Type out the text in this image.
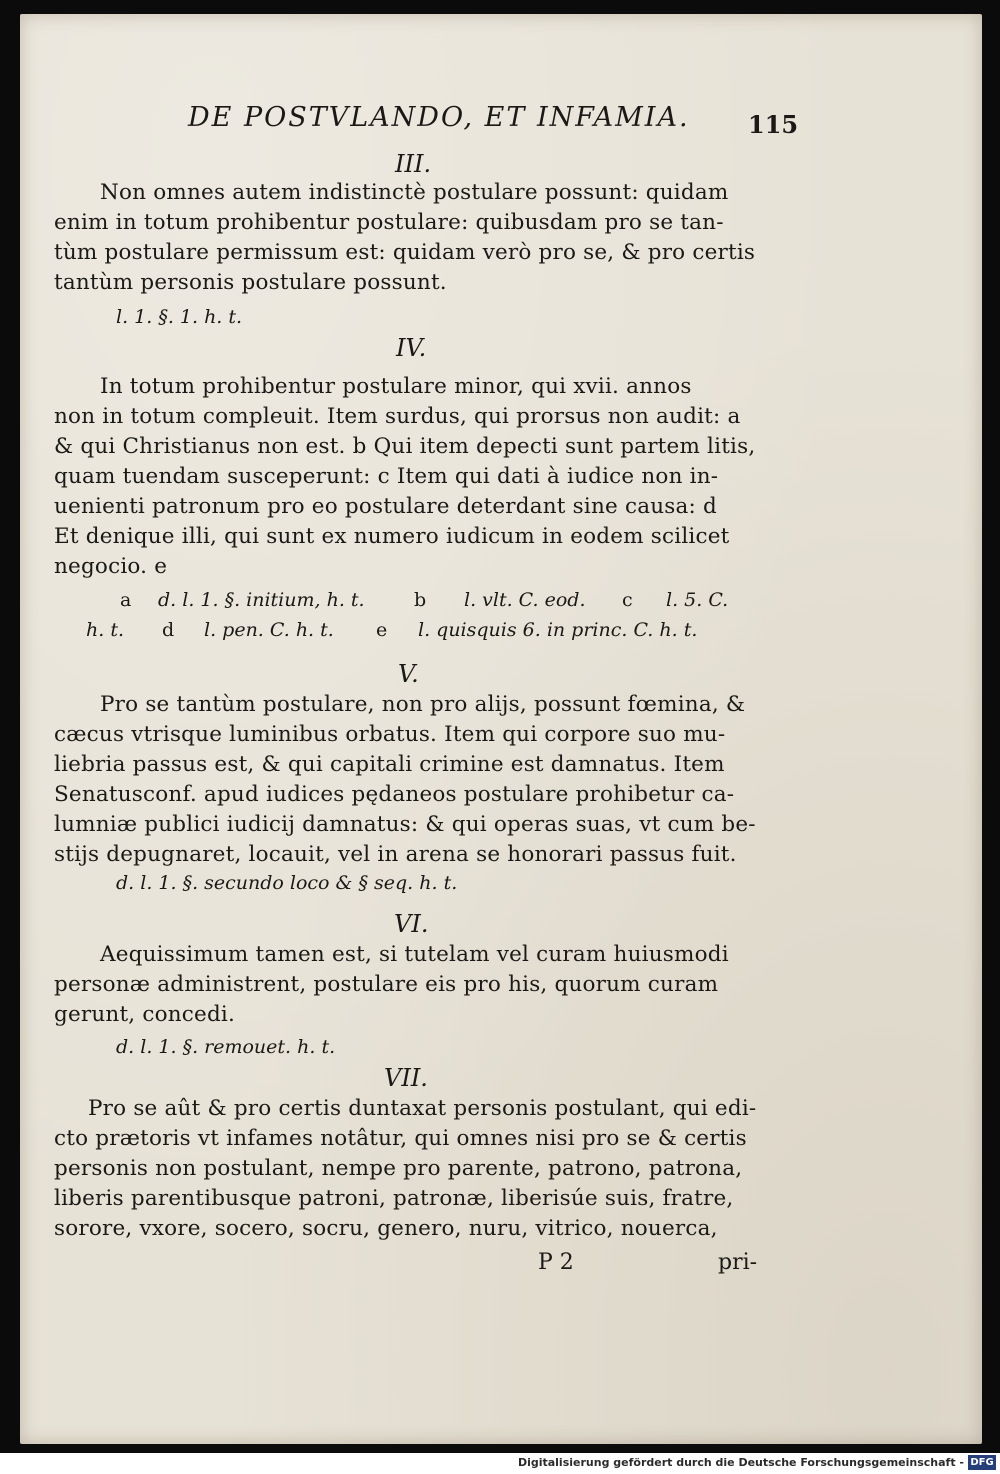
DE POSTVLANDO, ET INFAMIA. 115
III.
Non omnes autem indistinctè postulare possunt: quidam
enim in totum prohibentur postulare: quibusdam pro se tan-
tùm postulare permissum est: quidam verò pro se, & pro certis
tantùm personis postulare possunt.
l. 1. §. 1. h. t.
IV.
In totum prohibentur postulare minor, qui xvii. annos
non in totum compleuit. Item surdus, qui prorsus non audit: a
& qui Christianus non est. b Qui item depecti sunt partem litis,
quam tuendam susceperunt: c Item qui dati à iudice non in-
uenienti patronum pro eo postulare deterdant sine causa: d
Et denique illi, qui sunt ex numero iudicum in eodem scilicet
negocio. e
a d. l. 1. §. initium, h. t.	b l. vlt. C. eod. c l. 5. C.
h. t. d l. pen. C. h. t. e l. quisquis 6. in princ. C. h. t.
V.
Pro se tantùm postulare, non pro alijs, possunt fœmina, &
cæcus vtrisque luminibus orbatus. Item qui corpore suo mu-
liebria passus est, & qui capitali crimine est damnatus. Item
Senatusconf. apud iudices pędaneos postulare prohibetur ca-
lumniæ publici iudicij damnatus: & qui operas suas, vt cum be-
stijs depugnaret, locauit, vel in arena se honorari passus fuit.
d. l. 1. §. secundo loco & § seq. h. t.
VI.
Aequissimum tamen est, si tutelam vel curam huiusmodi
personæ administrent, postulare eis pro his, quorum curam
gerunt, concedi.
d. l. 1. §. remouet. h. t.
VII.
Pro se aût & pro certis duntaxat personis postulant, qui edi-
cto prætoris vt infames notâtur, qui omnes nisi pro se & certis
personis non postulant, nempe pro parente, patrono, patrona,
liberis parentibusque patroni, patronæ, liberisúe suis, fratre,
sorore, vxore, socero, socru, genero, nuru, vitrico, nouerca,
P 2	pri-
Digitalisierung gefördert durch die Deutsche Forschungsgemeinschaft - DFG
